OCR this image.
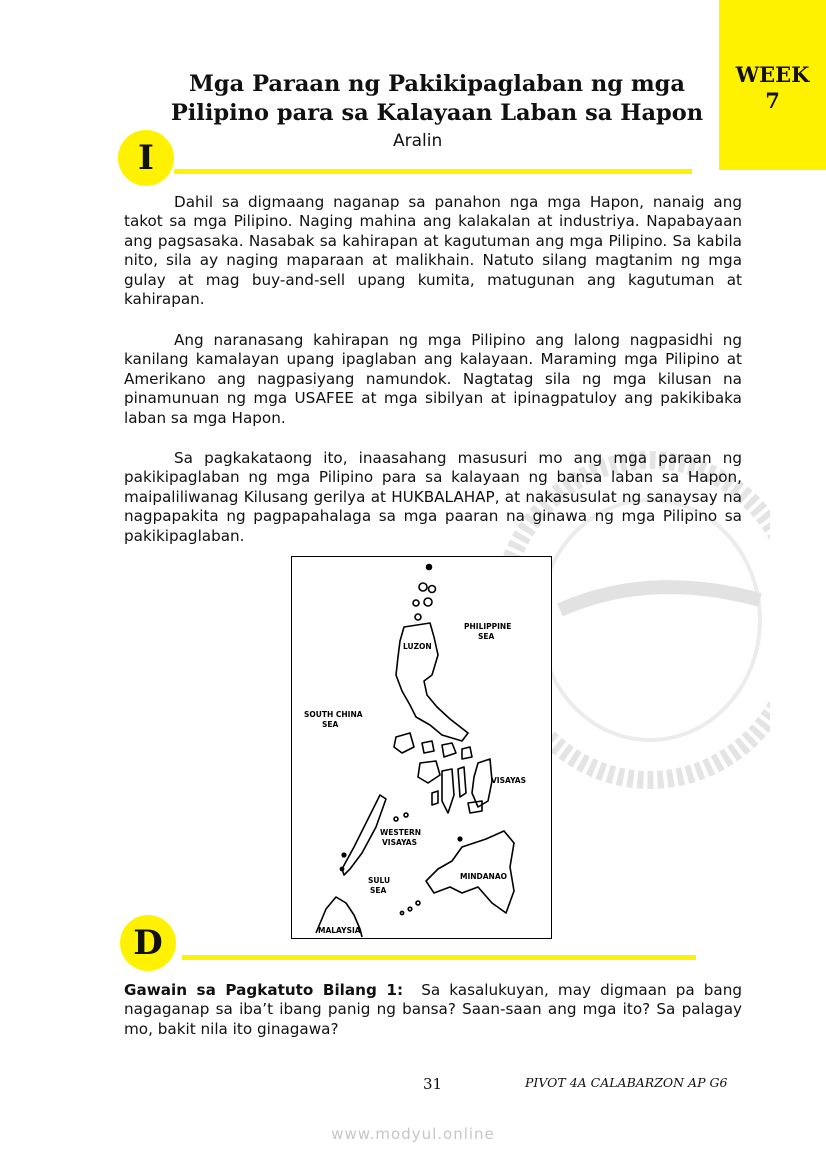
WEEK
7
Mga Paraan ng Pakikipaglaban ng mga
Pilipino para sa Kalayaan Laban sa Hapon
I	Aralin

Dahil sa digmaang naganap sa panahon nga mga Hapon, nanaig ang takot sa mga Pilipino. Naging mahina ang kalakalan at industriya. Napabayaan ang pagsasaka. Nasabak sa kahirapan at kagutuman ang mga Pilipino. Sa kabila nito, sila ay naging maparaan at malikhain. Natuto silang magtanim ng mga gulay at mag buy-and-sell upang kumita, matugunan ang kagutuman at kahirapan.

Ang naranasang kahirapan ng mga Pilipino ang lalong nagpasidhi ng kanilang kamalayan upang ipaglaban ang kalayaan. Maraming mga Pilipino at Amerikano ang nagpasiyang namundok. Nagtatag sila ng mga kilusan na pinamunuan ng mga USAFEE at mga sibilyan at ipinagpatuloy ang pakikibaka laban sa mga Hapon.

Sa pagkakataong ito, inaasahang masusuri mo ang mga paraan ng pakikipaglaban ng mga Pilipino para sa kalayaan ng bansa laban sa Hapon, maipaliliwanag Kilusang gerilya at HUKBALAHAP, at nakasusulat ng sanaysay na nagpapakita ng pagpapahalaga sa mga paaran na ginawa ng mga Pilipino sa pakikipaglaban.

LUZON
PHILIPPINE
SEA
SOUTH CHINA
SEA
VISAYAS
WESTERN
VISAYAS
MINDANAO
SULU
SEA
MALAYSIA
D

Gawain sa Pagkatuto Bilang 1: Sa kasalukuyan, may digmaan pa bang nagaganap sa iba’t ibang panig ng bansa? Saan-saan ang mga ito? Sa palagay mo, bakit nila ito ginagawa?

31	PIVOT 4A CALABARZON AP G6
www.modyul.online
